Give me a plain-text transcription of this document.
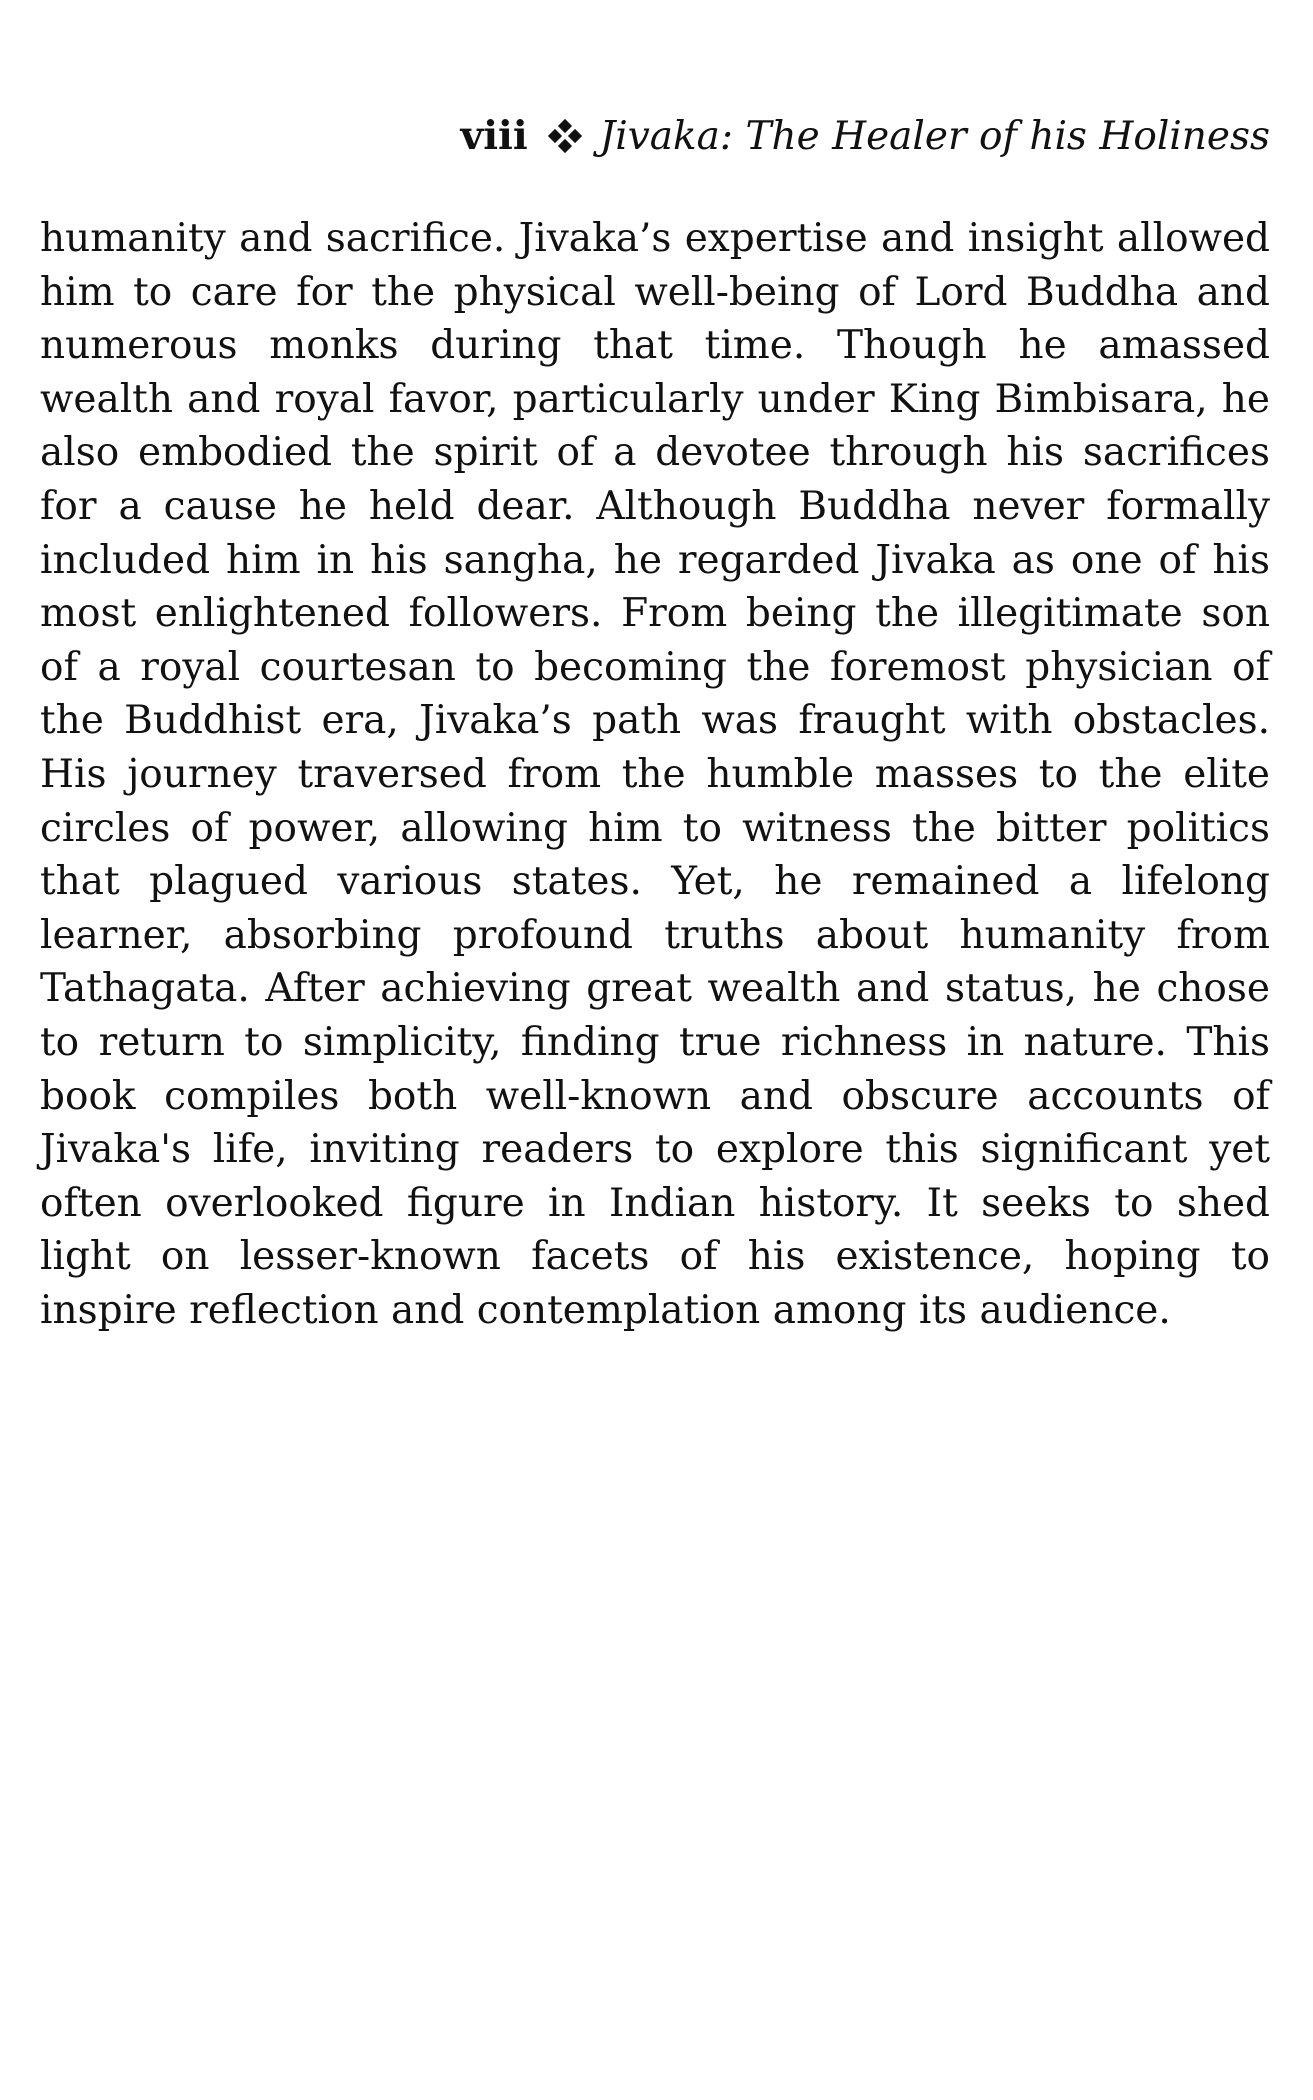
viii Jivaka: The Healer of his Holiness

humanity and sacrifice. Jivaka’s expertise and insight allowed him to care for the physical well-being of Lord Buddha and numerous monks during that time. Though he amassed wealth and royal favor, particularly under King Bimbisara, he also embodied the spirit of a devotee through his sacrifices for a cause he held dear. Although Buddha never formally included him in his sangha, he regarded Jivaka as one of his most enlightened followers. From being the illegitimate son of a royal courtesan to becoming the foremost physician of the Buddhist era, Jivaka’s path was fraught with obstacles. His journey traversed from the humble masses to the elite circles of power, allowing him to witness the bitter politics that plagued various states. Yet, he remained a lifelong learner, absorbing profound truths about humanity from Tathagata. After achieving great wealth and status, he chose to return to simplicity, finding true richness in nature. This book compiles both well-known and obscure accounts of Jivaka's life, inviting readers to explore this significant yet often overlooked figure in Indian history. It seeks to shed light on lesser-known facets of his existence, hoping to inspire reflection and contemplation among its audience.
